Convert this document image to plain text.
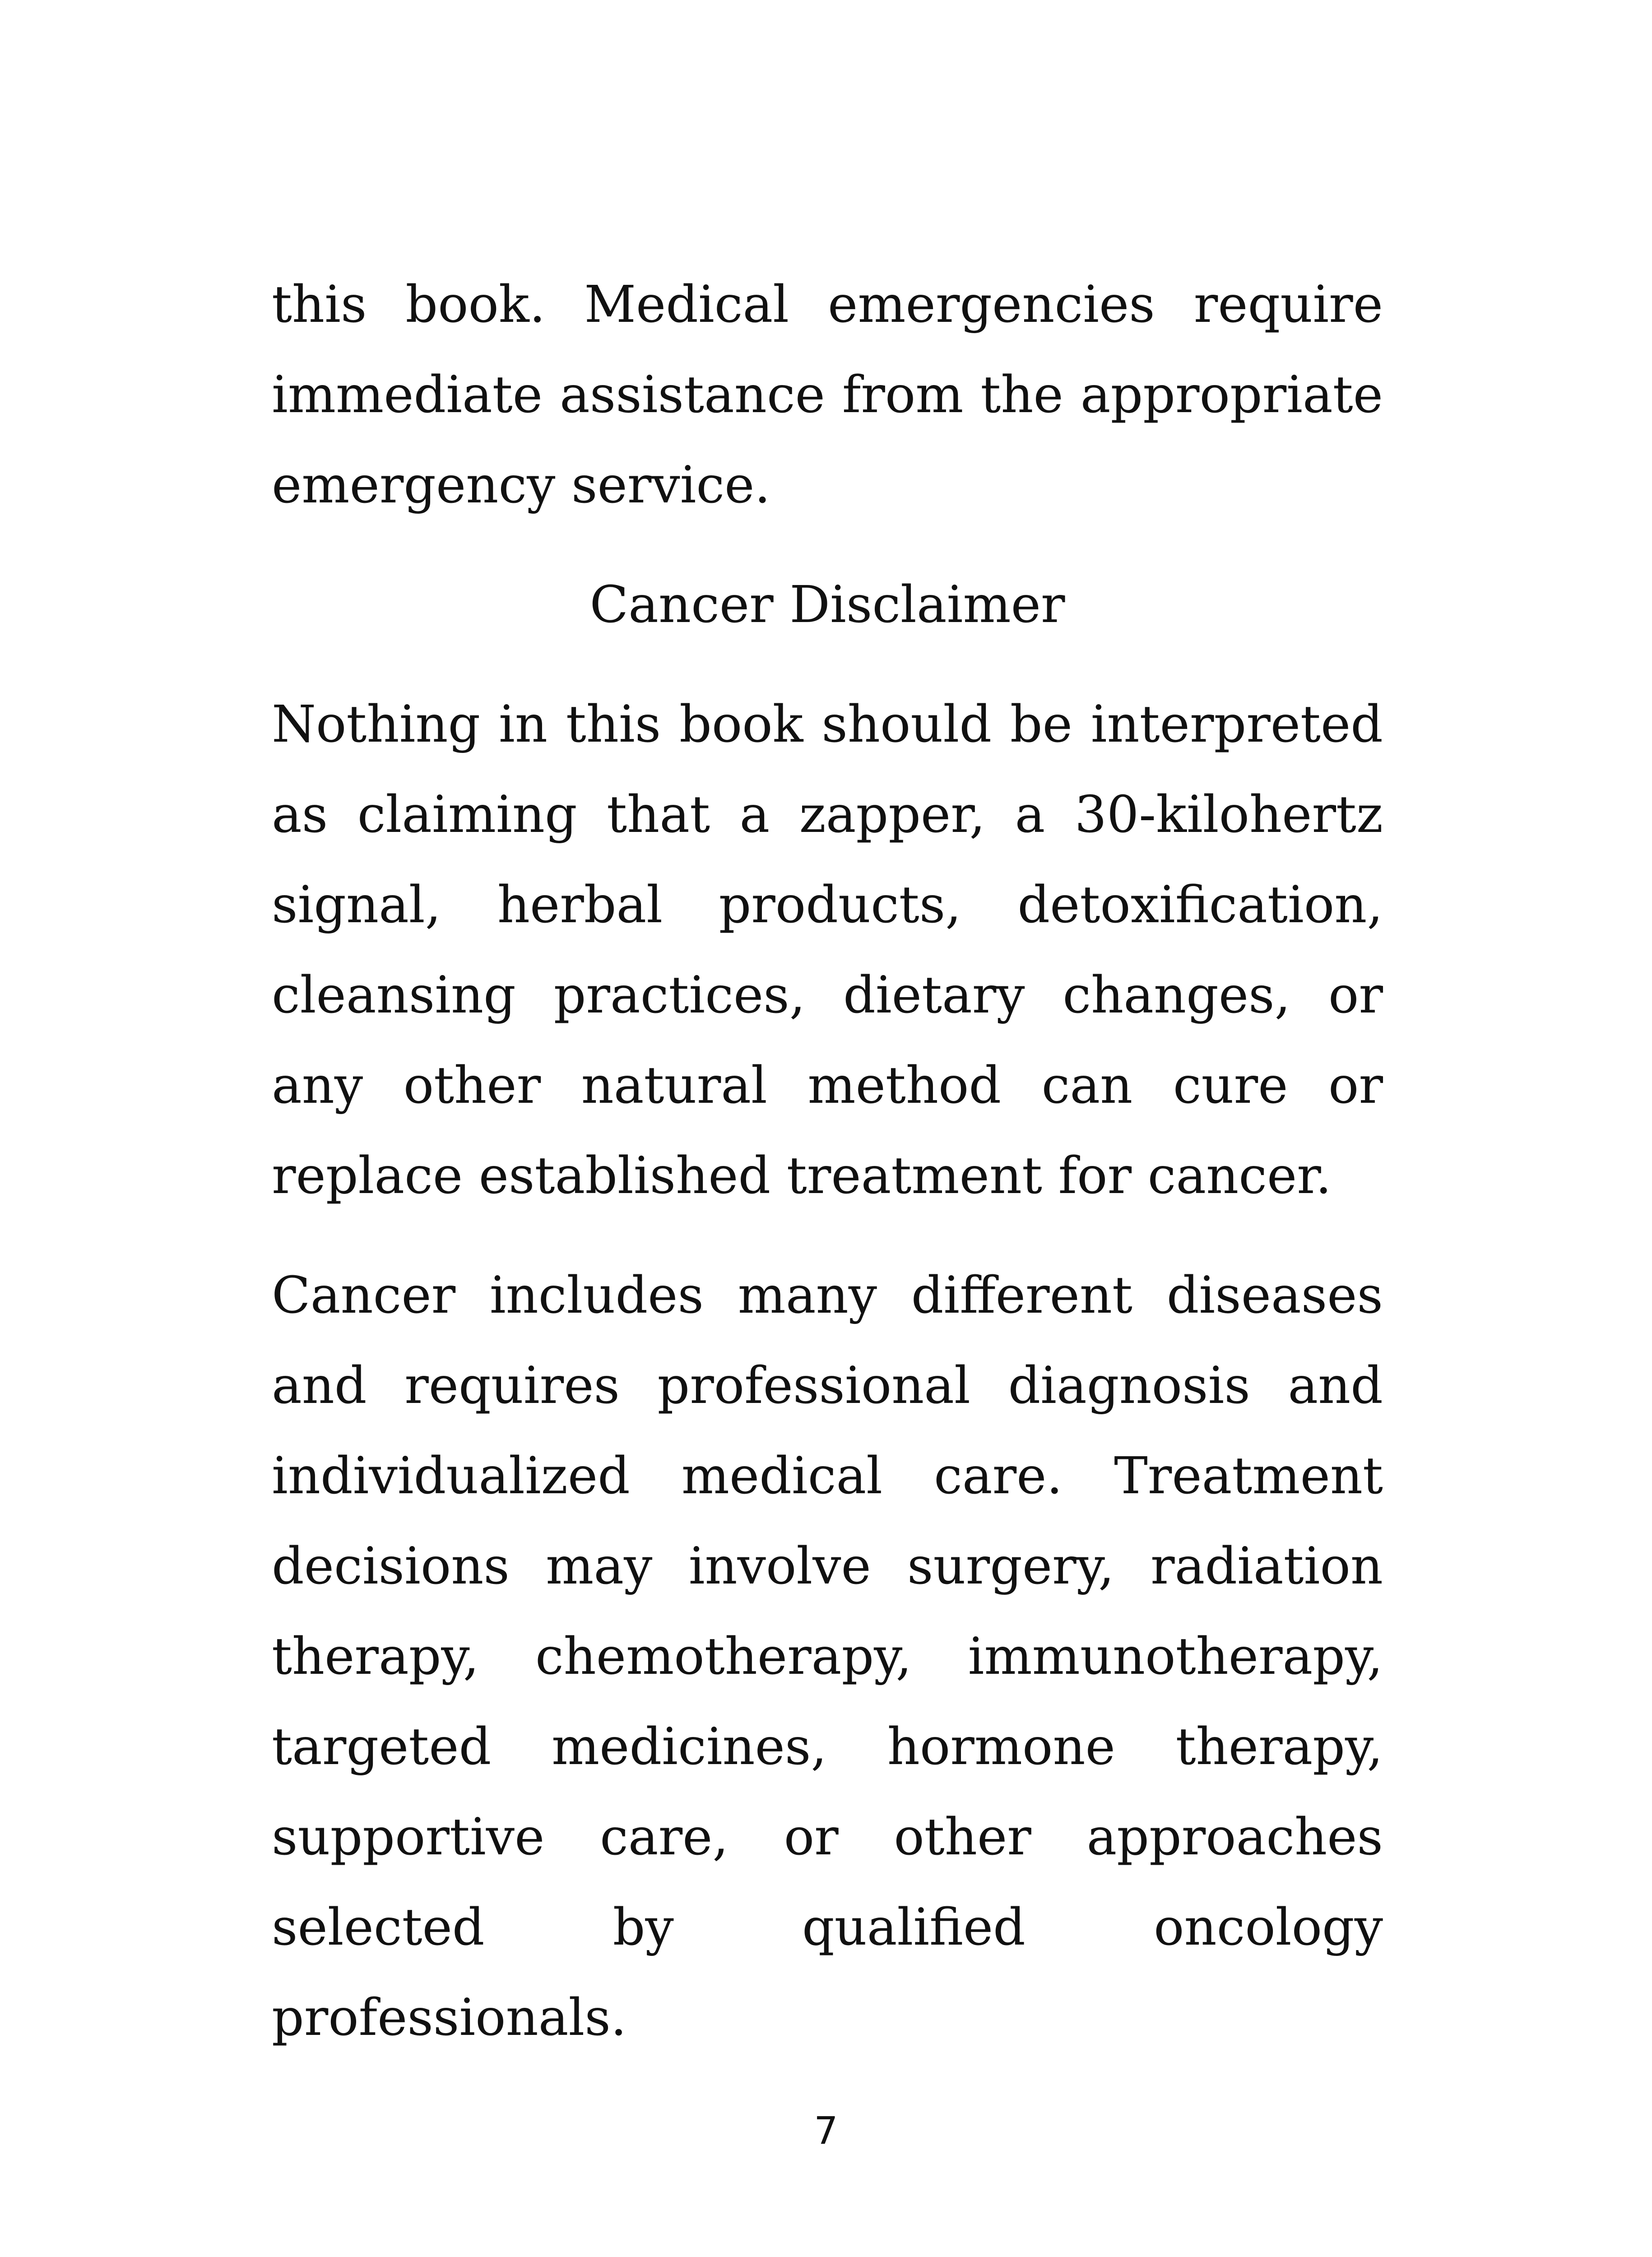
this book. Medical emergencies require immediate assistance from the appropriate emergency service.

Cancer Disclaimer

Nothing in this book should be interpreted as claiming that a zapper, a 30-kilohertz signal, herbal products, detoxification, cleansing practices, dietary changes, or any other natural method can cure or replace established treatment for cancer.

Cancer includes many different diseases and requires professional diagnosis and individualized medical care. Treatment decisions may involve surgery, radiation therapy, chemotherapy, immunotherapy, targeted medicines, hormone therapy, supportive care, or other approaches selected by qualified oncology professionals.

7
